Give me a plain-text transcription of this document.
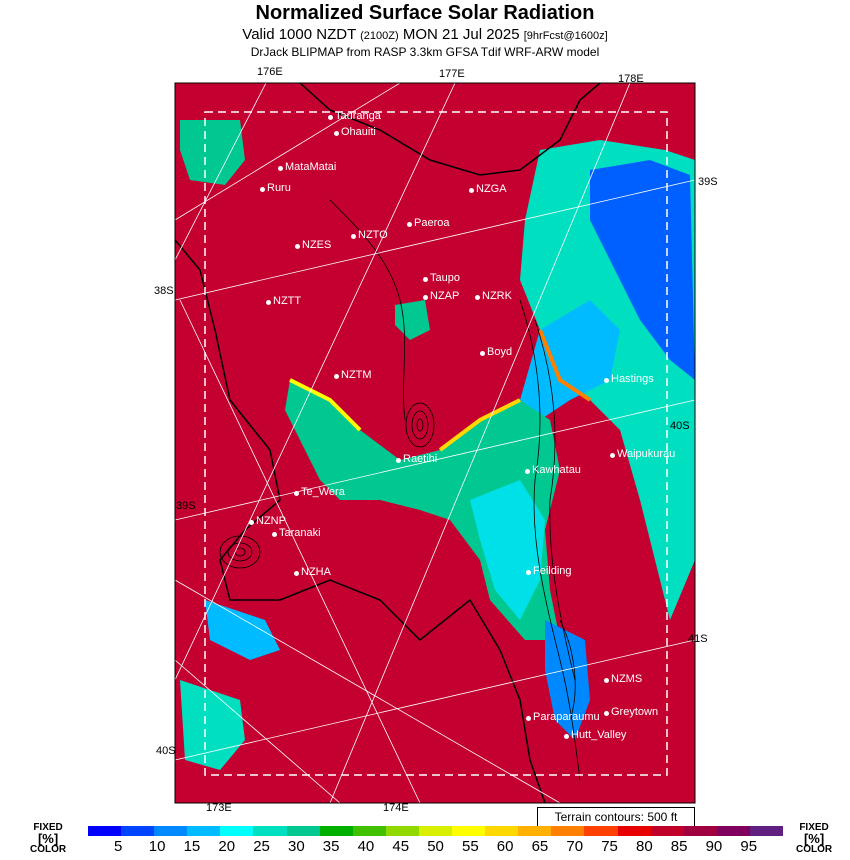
Normalized Surface Solar Radiation
Valid 1000 NZDT (2100Z) MON 21 Jul 2025 [9hrFcst@1600z]
DrJack BLIPMAP from RASP 3.3km GFSA Tdif WRF-ARW model
Tauranga
Ohauiti
MataMatai
Ruru	NZGA
Paeroa
NZTO
NZES
Taupo
NZAP NZRK
NZTT
Boyd
NZTM	Hastings
Waipukurau
Raetihi
Kawhatau
Te_Wera
NZNP
Taranaki
NZHA	Feilding
NZMS
Greytown
Paraparaumu
Hutt_Valley
176E	177E	178E
173E	174E
38S
39S
40S
39S
40S
41S
Terrain contours: 500 ft
FIXED
[%]
COLOR
FIXED
[%]
COLOR
5 10 15 20 25 30 35 40 45 50 55 60 65 70 75 80 85 90 95
